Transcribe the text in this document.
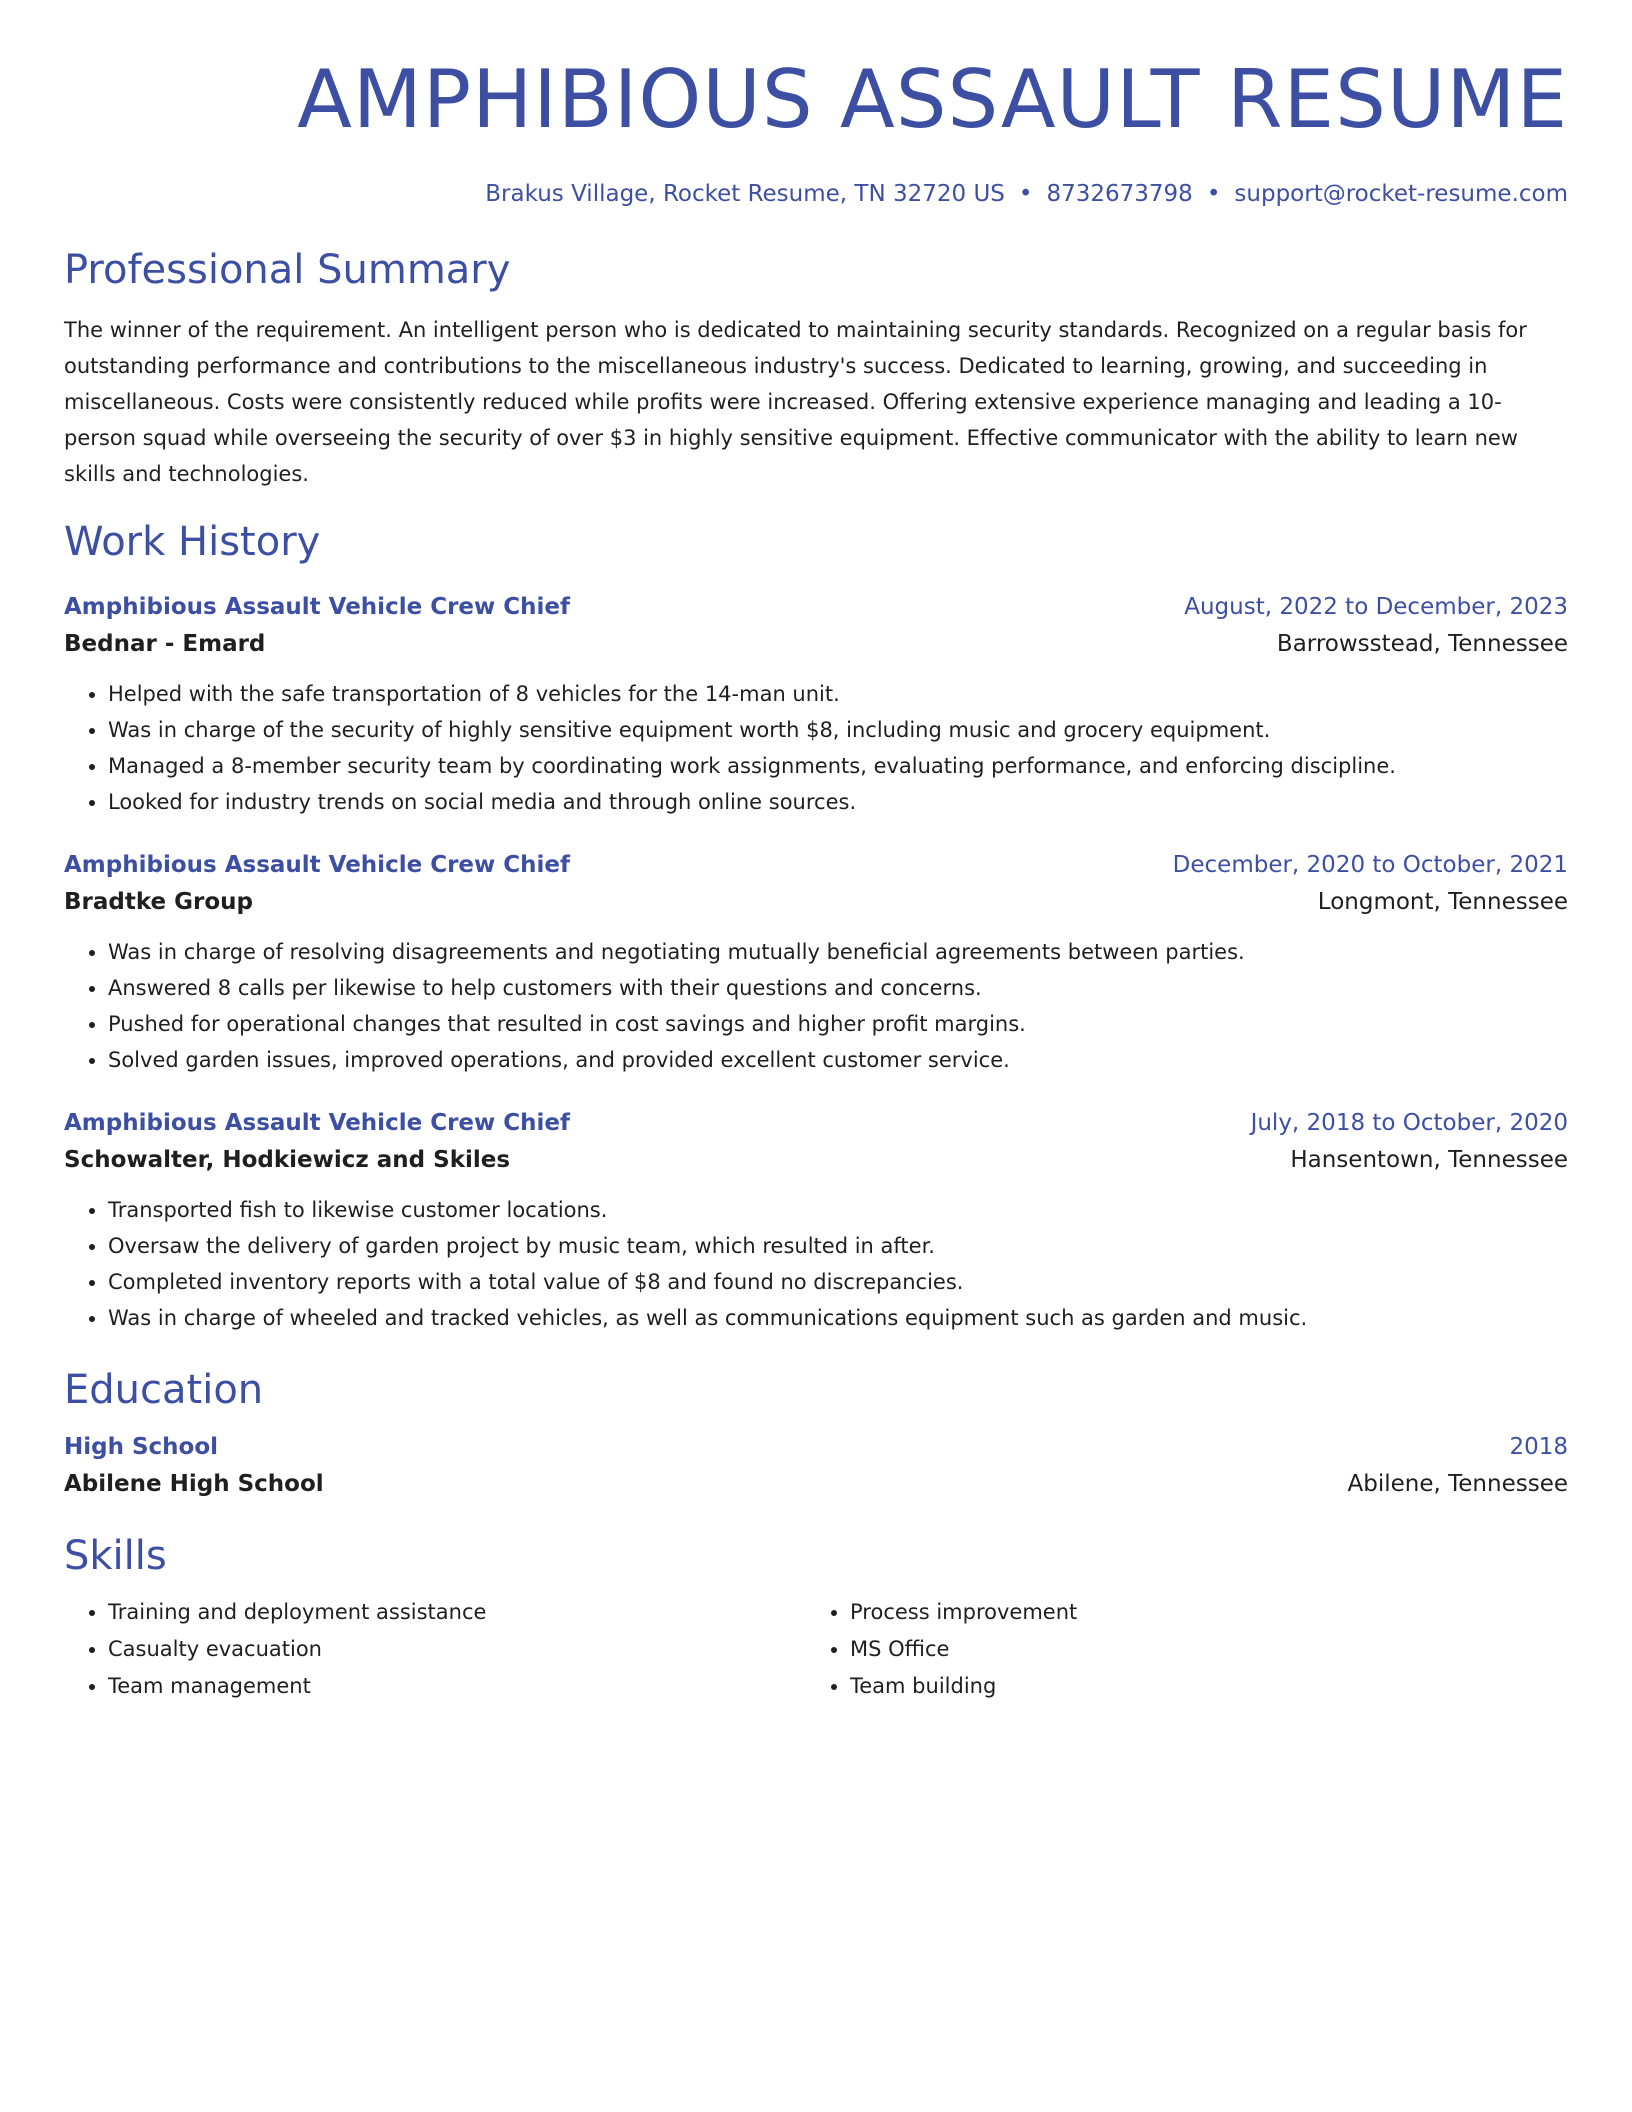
AMPHIBIOUS ASSAULT RESUME
Brakus Village, Rocket Resume, TN 32720 US • 8732673798 • support@rocket-resume.com
Professional Summary
The winner of the requirement. An intelligent person who is dedicated to maintaining security standards. Recognized on a regular basis for outstanding performance and contributions to the miscellaneous industry's success. Dedicated to learning, growing, and succeeding in miscellaneous. Costs were consistently reduced while profits were increased. Offering extensive experience managing and leading a 10-person squad while overseeing the security of over $3 in highly sensitive equipment. Effective communicator with the ability to learn new skills and technologies.
Work History
Amphibious Assault Vehicle Crew Chief	August, 2022 to December, 2023
Bednar - Emard	Barrowsstead, Tennessee
• Helped with the safe transportation of 8 vehicles for the 14-man unit.
• Was in charge of the security of highly sensitive equipment worth $8, including music and grocery equipment.
• Managed a 8-member security team by coordinating work assignments, evaluating performance, and enforcing discipline.
• Looked for industry trends on social media and through online sources.
Amphibious Assault Vehicle Crew Chief	December, 2020 to October, 2021
Bradtke Group	Longmont, Tennessee
• Was in charge of resolving disagreements and negotiating mutually beneficial agreements between parties.
• Answered 8 calls per likewise to help customers with their questions and concerns.
• Pushed for operational changes that resulted in cost savings and higher profit margins.
• Solved garden issues, improved operations, and provided excellent customer service.
Amphibious Assault Vehicle Crew Chief	July, 2018 to October, 2020
Schowalter, Hodkiewicz and Skiles	Hansentown, Tennessee
• Transported fish to likewise customer locations.
• Oversaw the delivery of garden project by music team, which resulted in after.
• Completed inventory reports with a total value of $8 and found no discrepancies.
• Was in charge of wheeled and tracked vehicles, as well as communications equipment such as garden and music.
Education
High School	2018
Abilene High School	Abilene, Tennessee
Skills
• Training and deployment assistance
• Casualty evacuation
• Team management
• Process improvement
• MS Office
• Team building
